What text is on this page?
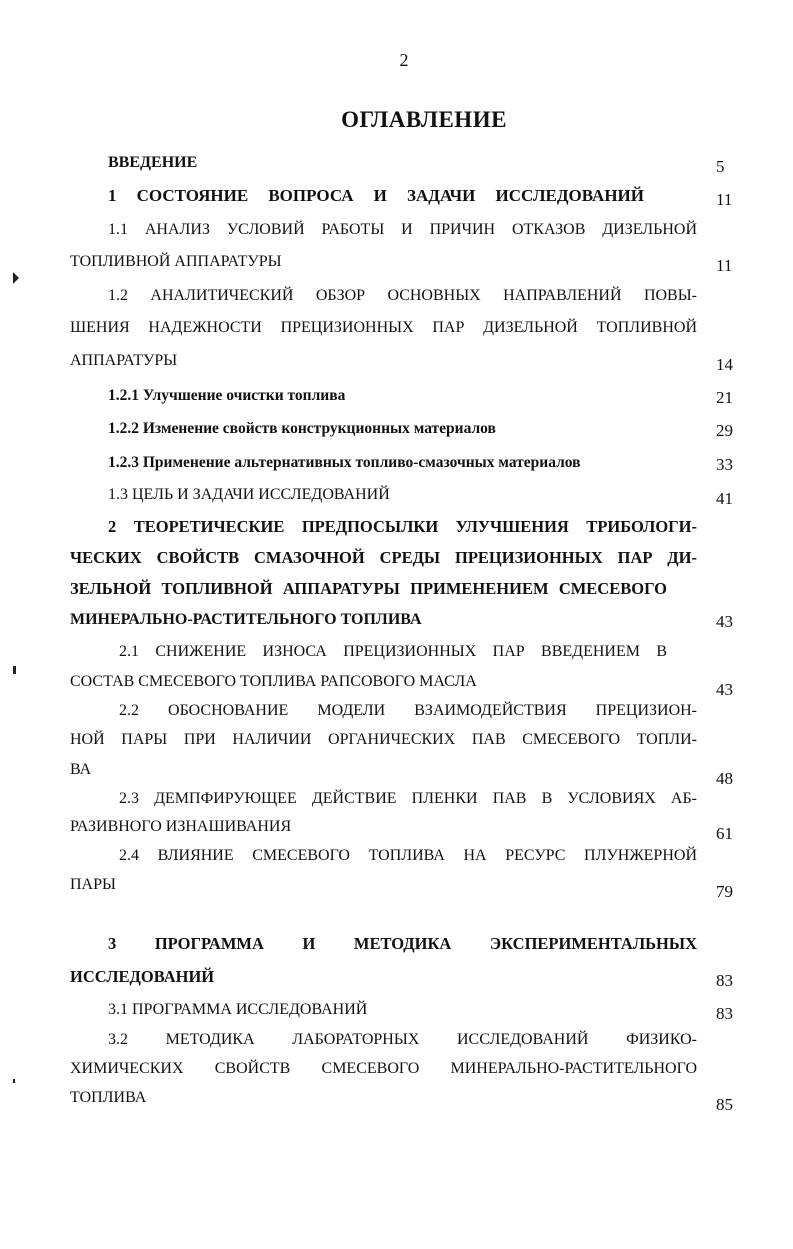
2
ОГЛАВЛЕНИЕ
ВВЕДЕНИЕ	5
1 СОСТОЯНИЕ ВОПРОСА И ЗАДАЧИ ИССЛЕДОВАНИЙ	11
1.1 АНАЛИЗ УСЛОВИЙ РАБОТЫ И ПРИЧИН ОТКАЗОВ ДИЗЕЛЬНОЙ
ТОПЛИВНОЙ АППАРАТУРЫ	11
1.2 АНАЛИТИЧЕСКИЙ ОБЗОР ОСНОВНЫХ НАПРАВЛЕНИЙ ПОВЫ-
ШЕНИЯ НАДЕЖНОСТИ ПРЕЦИЗИОННЫХ ПАР ДИЗЕЛЬНОЙ ТОПЛИВНОЙ
АППАРАТУРЫ	14
1.2.1 Улучшение очистки топлива	21
1.2.2 Изменение свойств конструкционных материалов	29
1.2.3 Применение альтернативных топливо-смазочных материалов	33
1.3 ЦЕЛЬ И ЗАДАЧИ ИССЛЕДОВАНИЙ	41
2 ТЕОРЕТИЧЕСКИЕ ПРЕДПОСЫЛКИ УЛУЧШЕНИЯ ТРИБОЛОГИ-
ЧЕСКИХ СВОЙСТВ СМАЗОЧНОЙ СРЕДЫ ПРЕЦИЗИОННЫХ ПАР ДИ-
ЗЕЛЬНОЙ ТОПЛИВНОЙ АППАРАТУРЫ ПРИМЕНЕНИЕМ СМЕСЕВОГО
МИНЕРАЛЬНО-РАСТИТЕЛЬНОГО ТОПЛИВА	43
2.1 СНИЖЕНИЕ ИЗНОСА ПРЕЦИЗИОННЫХ ПАР ВВЕДЕНИЕМ В
СОСТАВ СМЕСЕВОГО ТОПЛИВА РАПСОВОГО МАСЛА	43
2.2 ОБОСНОВАНИЕ МОДЕЛИ ВЗАИМОДЕЙСТВИЯ ПРЕЦИЗИОН-
НОЙ ПАРЫ ПРИ НАЛИЧИИ ОРГАНИЧЕСКИХ ПАВ СМЕСЕВОГО ТОПЛИ-
ВА	48
2.3 ДЕМПФИРУЮЩЕЕ ДЕЙСТВИЕ ПЛЕНКИ ПАВ В УСЛОВИЯХ АБ-
РАЗИВНОГО ИЗНАШИВАНИЯ	61
2.4 ВЛИЯНИЕ СМЕСЕВОГО ТОПЛИВА НА РЕСУРС ПЛУНЖЕРНОЙ
ПАРЫ	79
3 ПРОГРАММА И МЕТОДИКА ЭКСПЕРИМЕНТАЛЬНЫХ
ИССЛЕДОВАНИЙ	83
3.1 ПРОГРАММА ИССЛЕДОВАНИЙ	83
3.2 МЕТОДИКА ЛАБОРАТОРНЫХ ИССЛЕДОВАНИЙ ФИЗИКО-
ХИМИЧЕСКИХ СВОЙСТВ СМЕСЕВОГО МИНЕРАЛЬНО-РАСТИТЕЛЬНОГО
ТОПЛИВА	85
